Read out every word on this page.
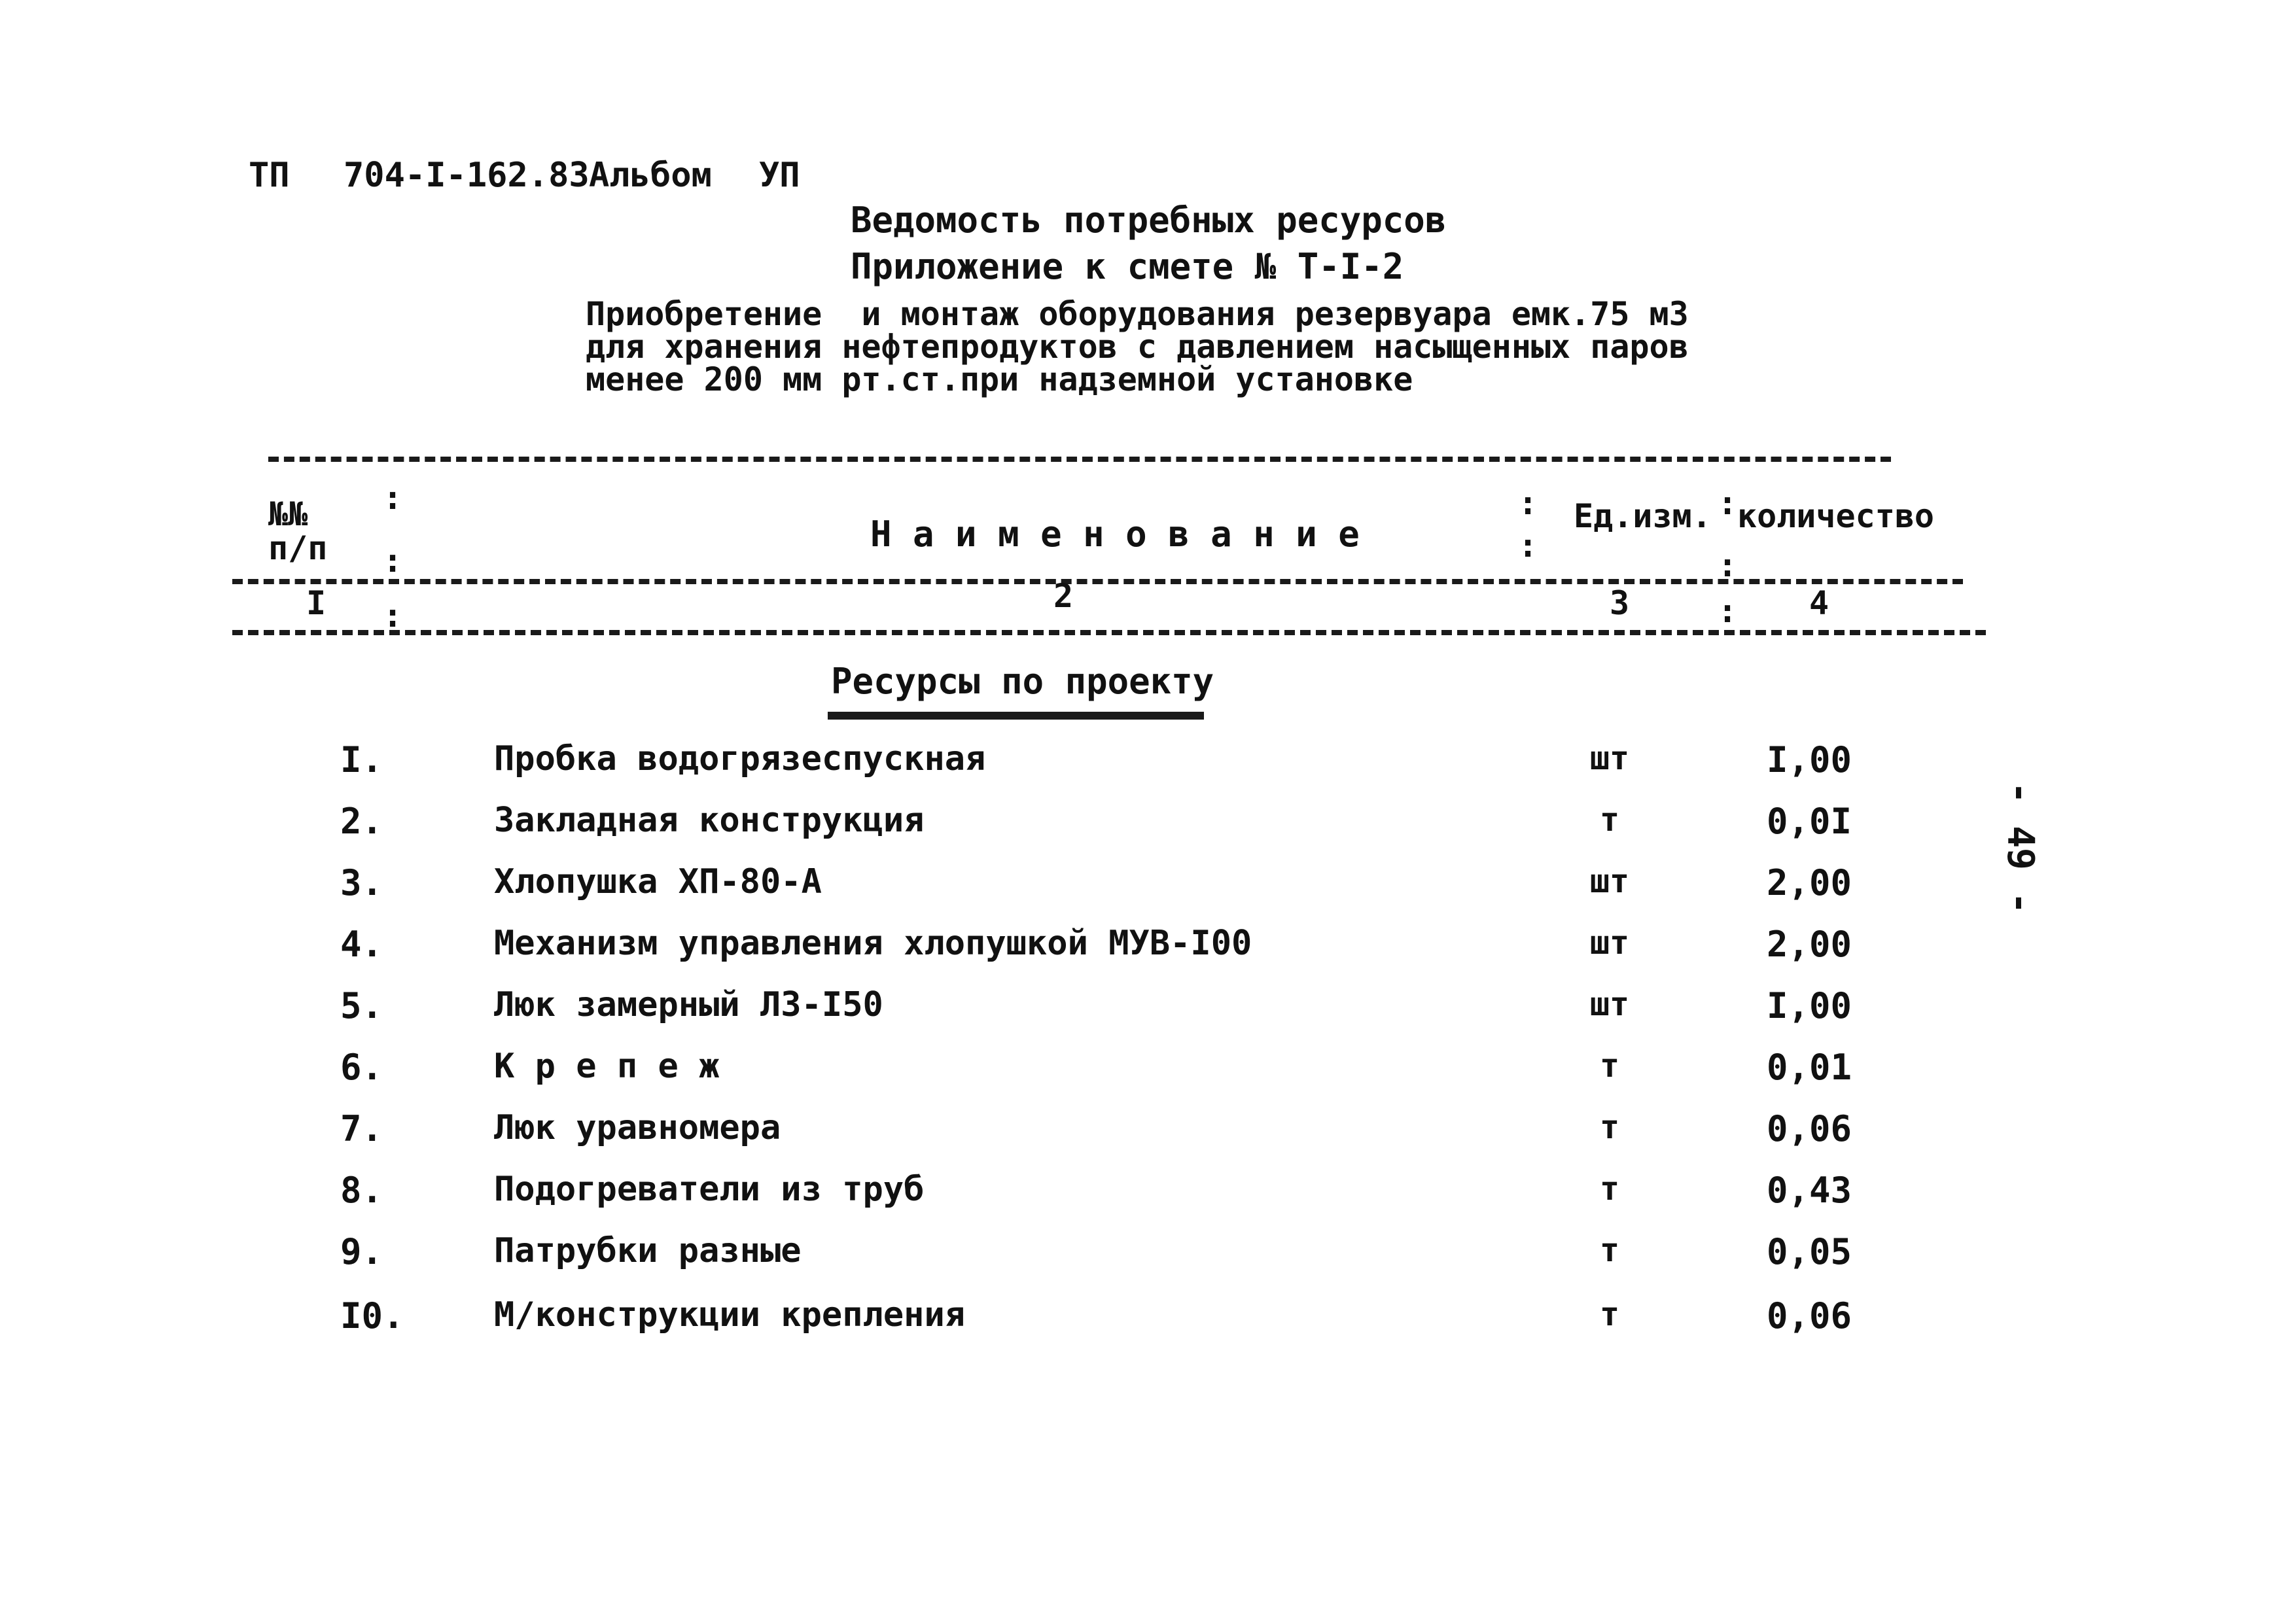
ТП 704-I-162.83 Альбом УП
Ведомость потребных ресурсов
Приложение к смете № Т-I-2
Приобретение  и монтаж оборудования резервуара емк.75 м3
для хранения нефтепродуктов с давлением насыщенных паров
менее 200 мм рт.ст.при надземной установке
:
:
:
:
:
:
:
:
№№
п/п	Н а и м е н о в а н и е	Ед.изм. количество
I	2	3	4
Ресурсы по проекту
I.	Пробка водогрязеспускная	шт	I,00
2.	Закладная конструкция	т	0,0I
3.	Хлопушка ХП-80-А	шт	2,00
4.	Механизм управления хлопушкой МУВ-I00	шт	2,00
5.	Люк замерный ЛЗ-I50	шт	I,00
6.	К р е п е ж	т	0,01
7.	Люк уравномера	т	0,06
8.	Подогреватели из труб	т	0,43
9.	Патрубки разные	т	0,05
I0.	М/конструкции крепления	т	0,06
- 49 -
